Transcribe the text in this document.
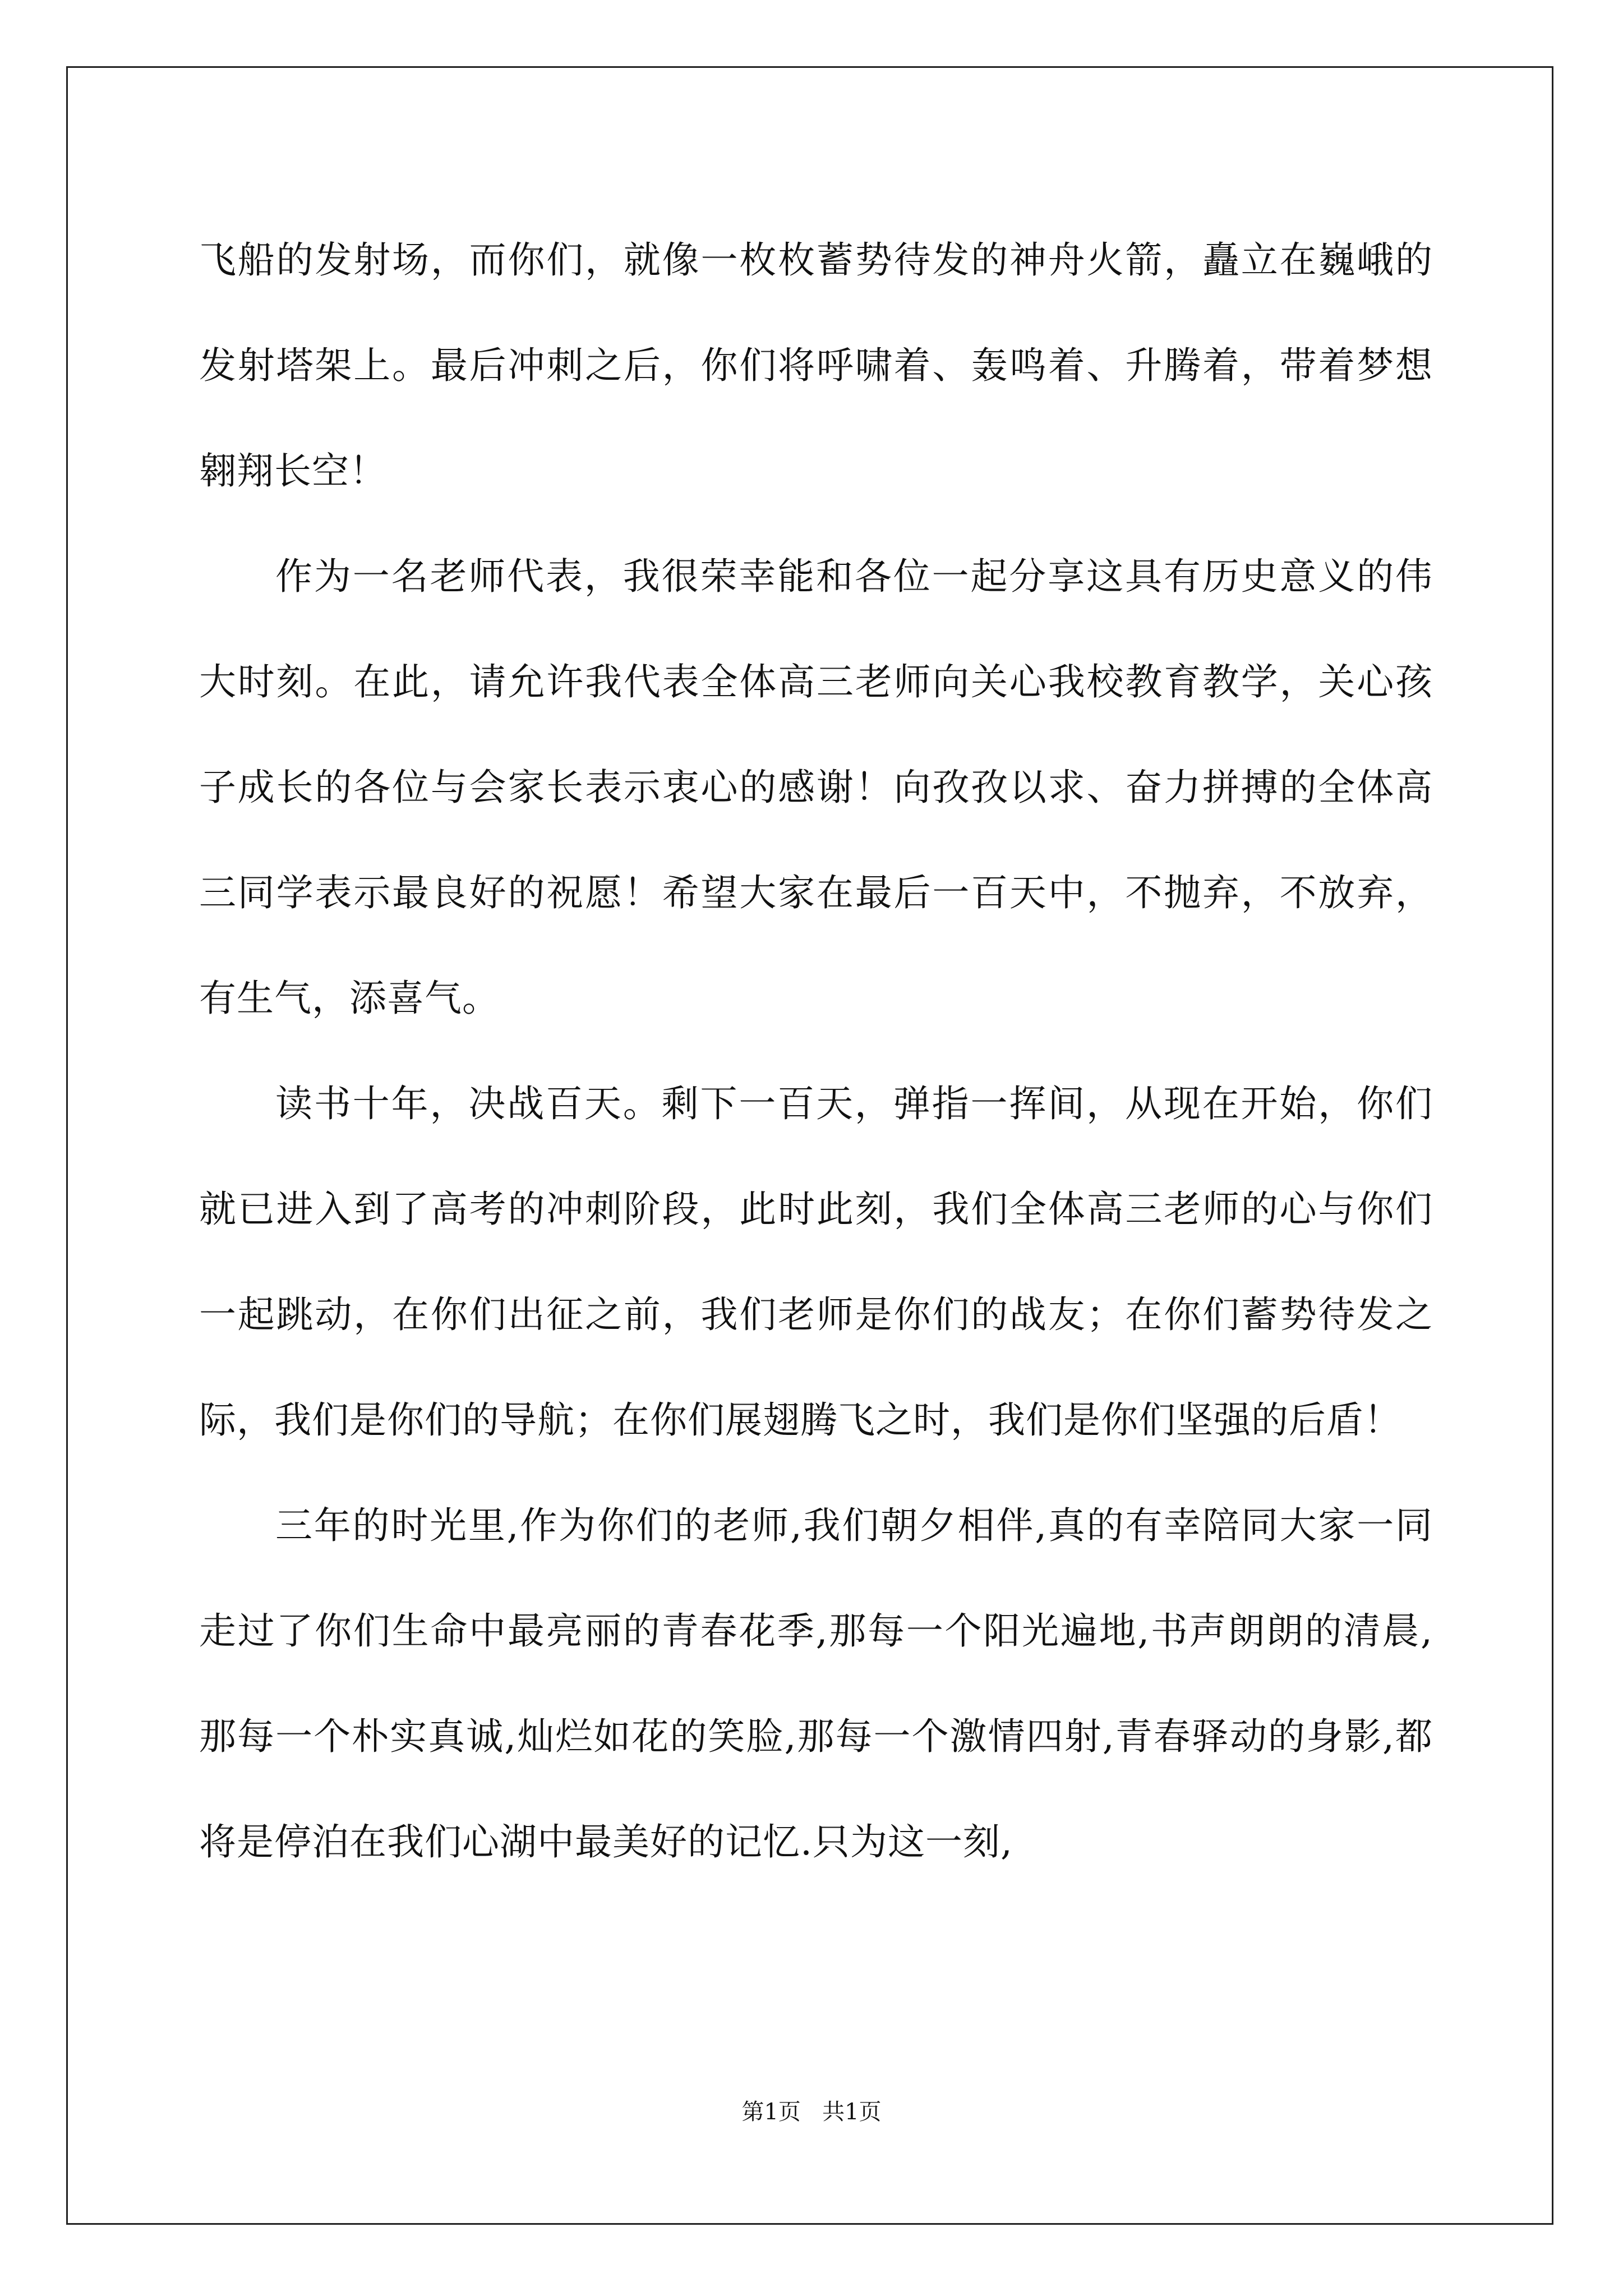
飞船的发射场，而你们，就像一枚枚蓄势待发的神舟火箭，矗立在巍峨的发射塔架上。最后冲刺之后，你们将呼啸着、轰鸣着、升腾着，带着梦想翱翔长空！

作为一名老师代表，我很荣幸能和各位一起分享这具有历史意义的伟大时刻。在此，请允许我代表全体高三老师向关心我校教育教学，关心孩子成长的各位与会家长表示衷心的感谢！向孜孜以求、奋力拼搏的全体高三同学表示最良好的祝愿！希望大家在最后一百天中，不抛弃，不放弃，有生气，添喜气。

读书十年，决战百天。剩下一百天，弹指一挥间，从现在开始，你们就已进入到了高考的冲刺阶段，此时此刻，我们全体高三老师的心与你们一起跳动，在你们出征之前，我们老师是你们的战友；在你们蓄势待发之际，我们是你们的导航；在你们展翅腾飞之时，我们是你们坚强的后盾！

三年的时光里,作为你们的老师,我们朝夕相伴,真的有幸陪同大家一同走过了你们生命中最亮丽的青春花季,那每一个阳光遍地,书声朗朗的清晨,那每一个朴实真诚,灿烂如花的笑脸,那每一个激情四射,青春驿动的身影,都将是停泊在我们心湖中最美好的记忆.只为这一刻,

第1页 共1页
